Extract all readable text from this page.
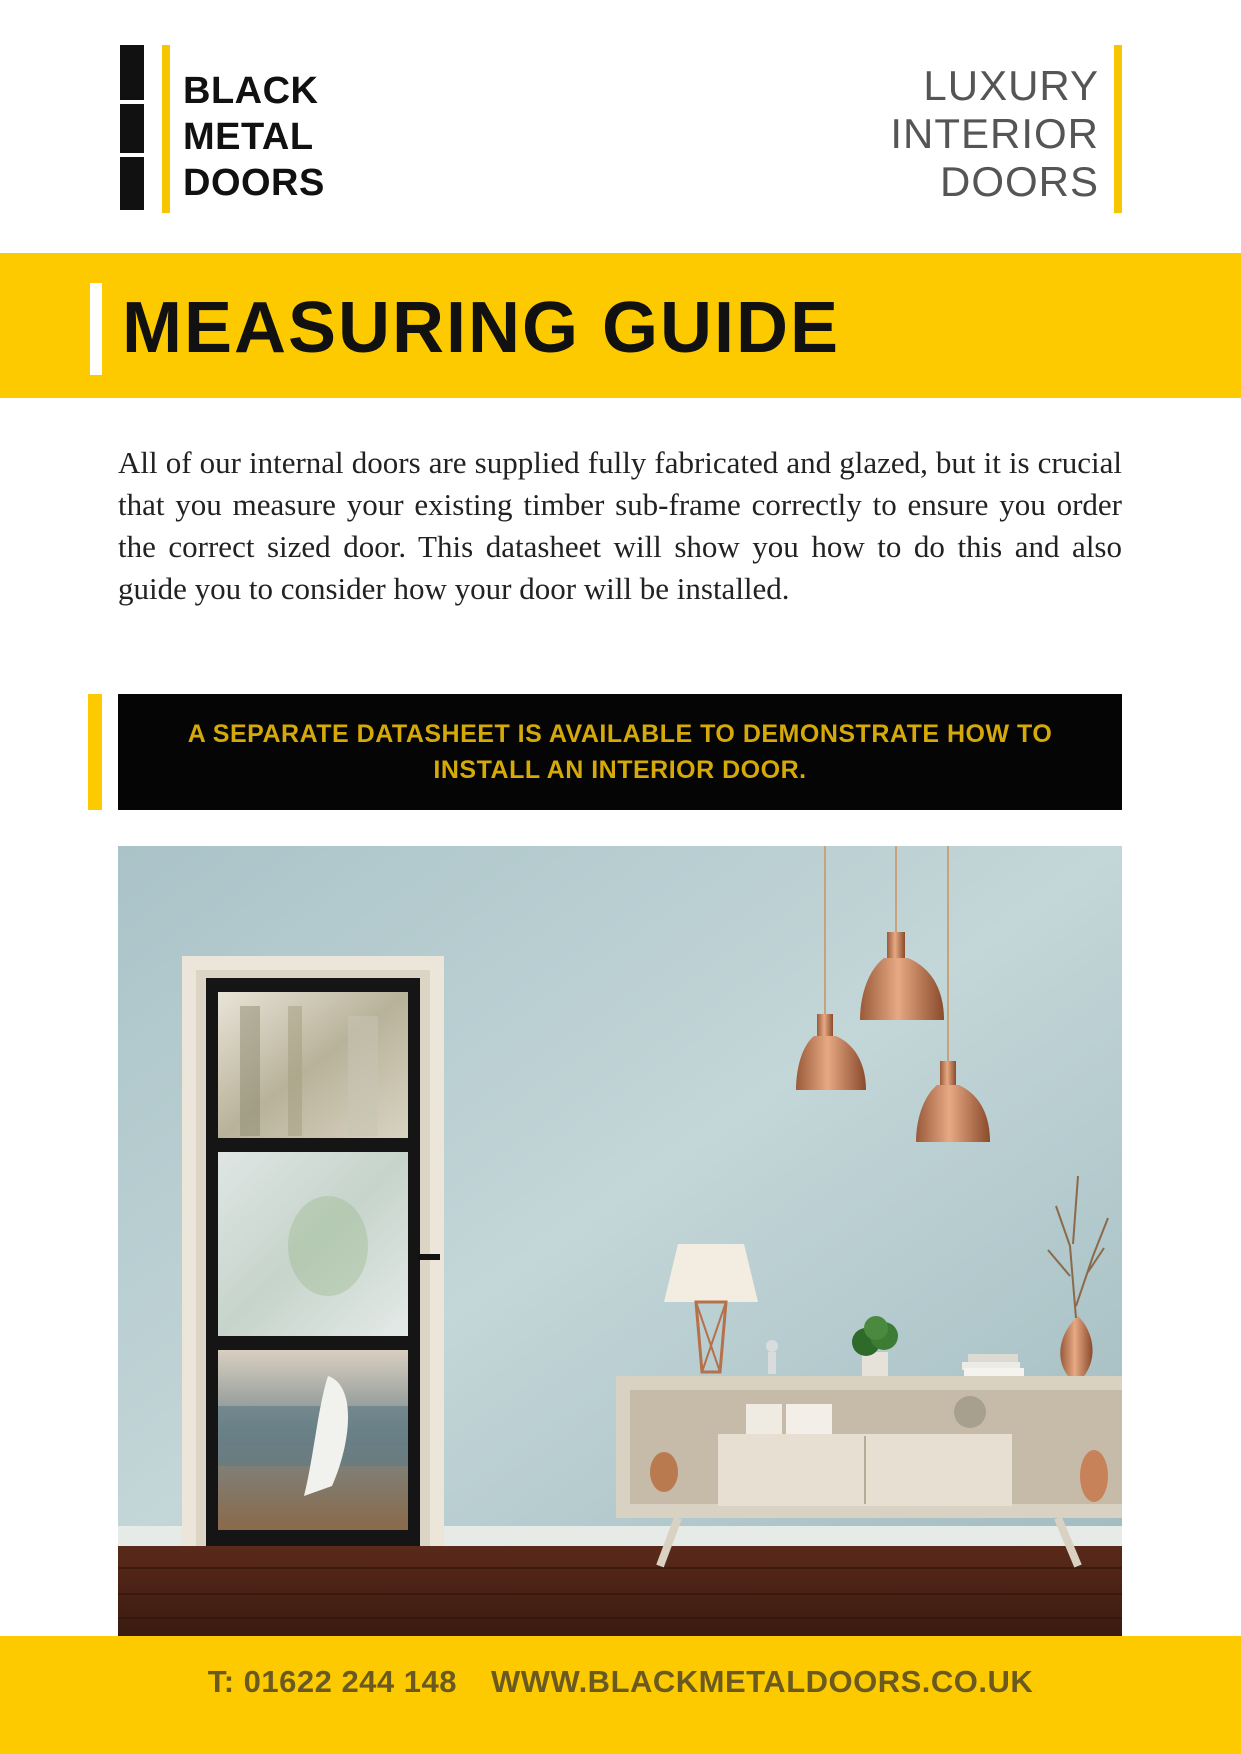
BLACK
METAL
DOORS
LUXURY
INTERIOR
DOORS
MEASURING GUIDE
All of our internal doors are supplied fully fabricated and glazed, but it is crucial that you measure your existing timber sub-frame correctly to ensure you order the correct sized door. This datasheet will show you how to do this and also guide you to consider how your door will be installed.
A SEPARATE DATASHEET IS AVAILABLE TO DEMONSTRATE HOW TO INSTALL AN INTERIOR DOOR.
T: 01622 244 148 WWW.BLACKMETALDOORS.CO.UK
